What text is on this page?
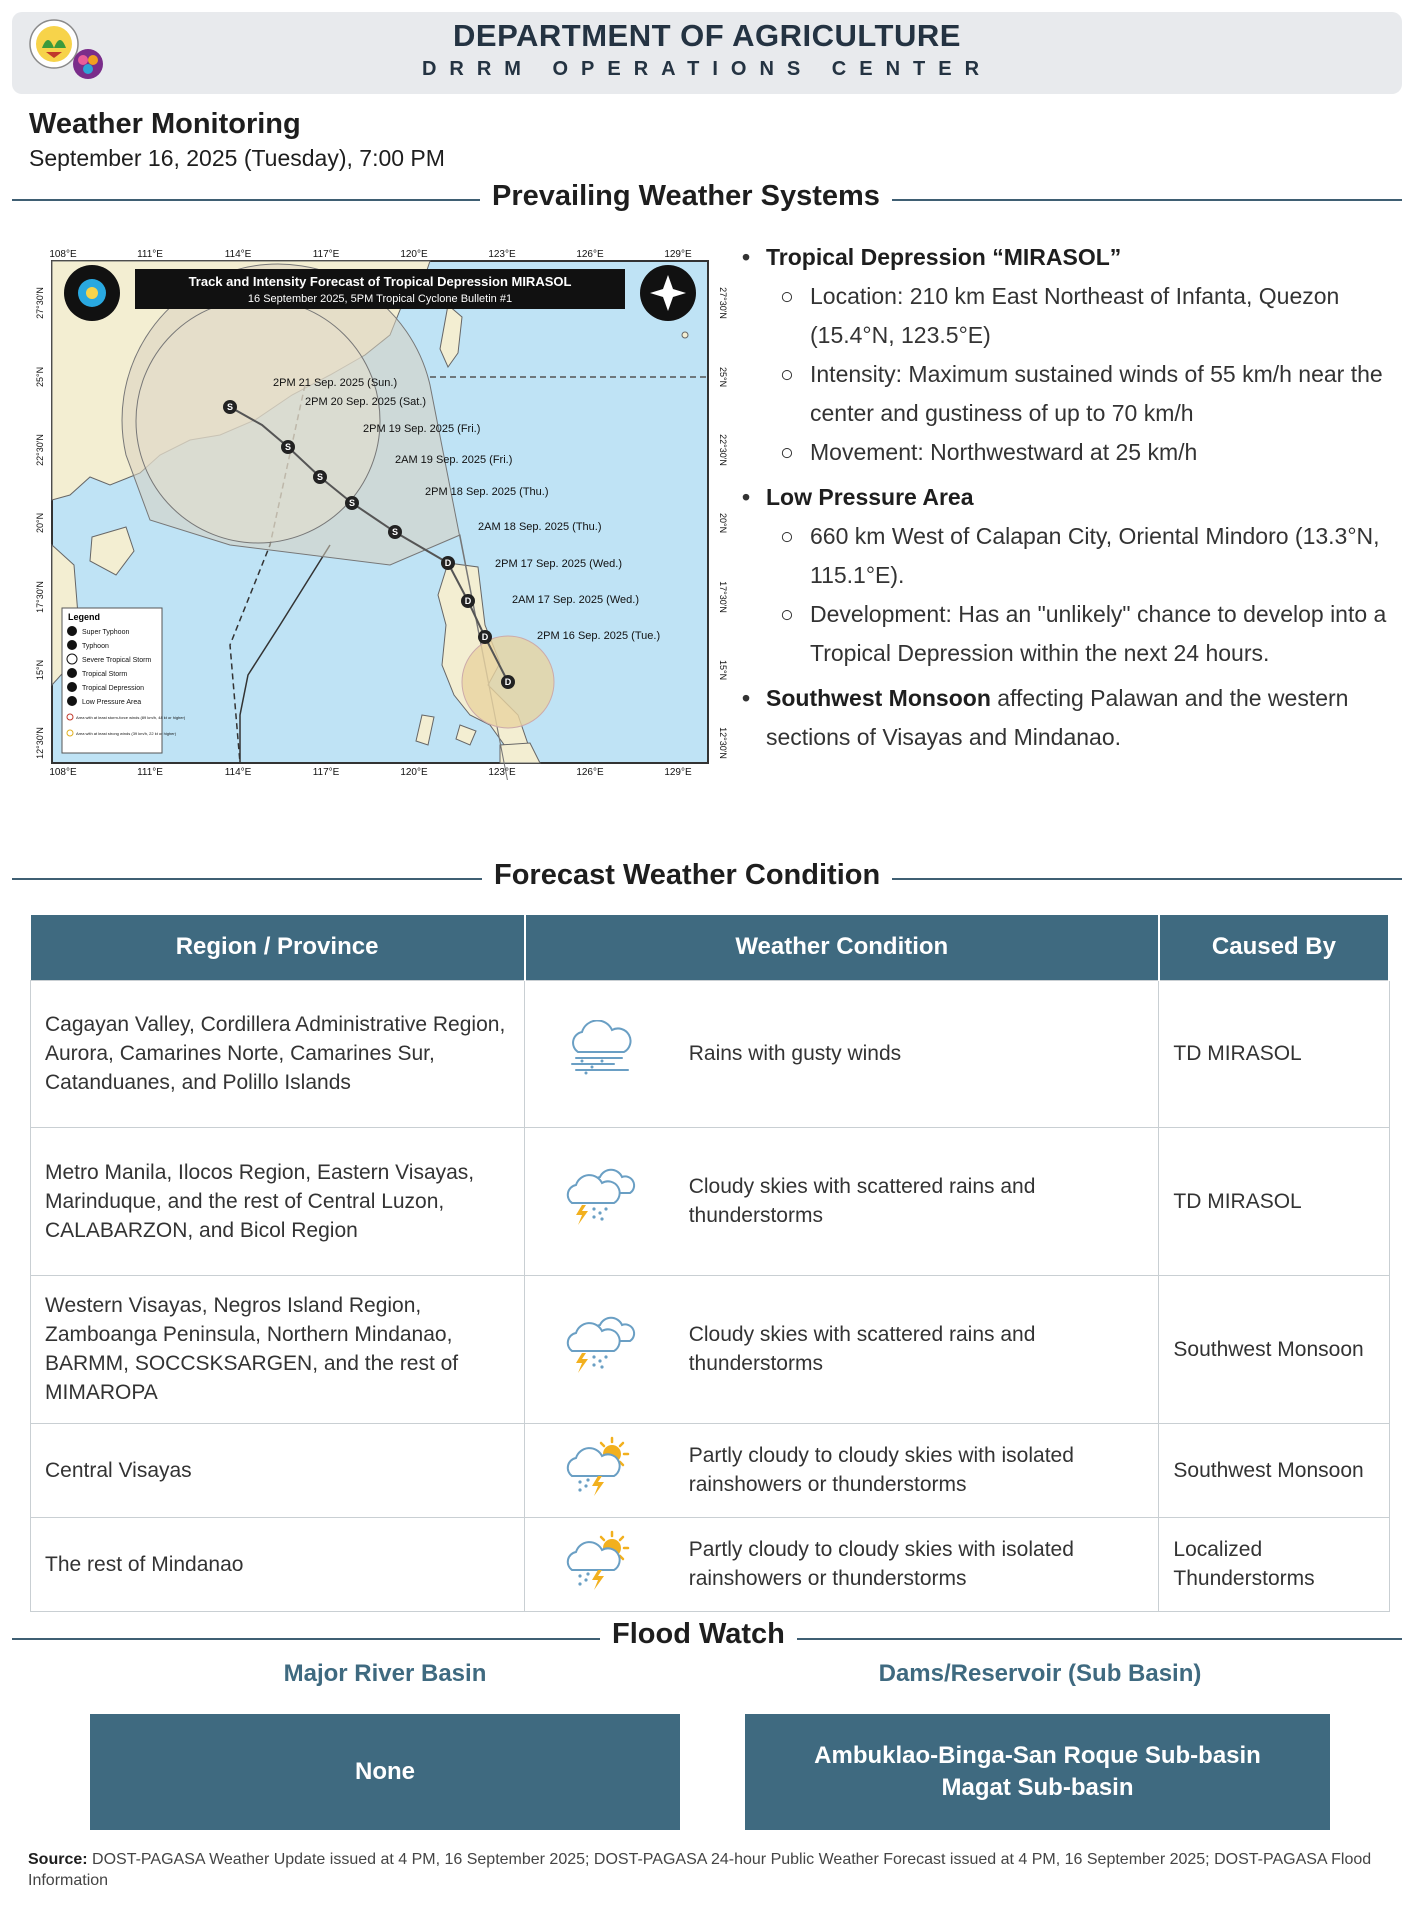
DEPARTMENT OF AGRICULTURE
DRRM OPERATIONS CENTER
Weather Monitoring
September 16, 2025 (Tuesday), 7:00 PM
Prevailing Weather Systems
D
D
D
D
S
S
S
S
S
2PM 21 Sep. 2025 (Sun.)
2PM 20 Sep. 2025 (Sat.)
2PM 19 Sep. 2025 (Fri.)
2AM 19 Sep. 2025 (Fri.)
2PM 18 Sep. 2025 (Thu.)
2AM 18 Sep. 2025 (Thu.)
2PM 17 Sep. 2025 (Wed.)
2AM 17 Sep. 2025 (Wed.)
2PM 16 Sep. 2025 (Tue.)
Track and Intensity Forecast of Tropical Depression MIRASOL
16 September 2025, 5PM Tropical Cyclone Bulletin #1
108°E	111°E	114°E	117°E	120°E	123°E	126°E	129°E
108°E	111°E	114°E	117°E	120°E	123°E	126°E	129°E
27°30'N
25°N
22°30'N
20°N
17°30'N
15°N
12°30'N
27°30'N
25°N
22°30'N
20°N
17°30'N
15°N
12°30'N
Legend
Super Typhoon
Typhoon
Severe Tropical Storm
Tropical Storm
Tropical Depression
Low Pressure Area
Area with at least storm-force winds (89 km/h, 48 kt or higher)
Area with at least strong winds (39 km/h, 22 kt or higher)
• Tropical Depression “MIRASOL”
○ Location: 210 km East Northeast of Infanta, Quezon (15.4°N, 123.5°E)
○ Intensity: Maximum sustained winds of 55 km/h near the center and gustiness of up to 70 km/h
○ Movement: Northwestward at 25 km/h
• Low Pressure Area
○ 660 km West of Calapan City, Oriental Mindoro (13.3°N, 115.1°E).
○ Development: Has an "unlikely" chance to develop into a Tropical Depression within the next 24 hours.
• Southwest Monsoon affecting Palawan and the western sections of Visayas and Mindanao.
Forecast Weather Condition
Region / Province	Weather Condition		Caused By
Cagayan Valley, Cordillera Administrative Region, Aurora, Camarines Norte, Camarines Sur, Catanduanes, and Polillo Islands		Rains with gusty winds	TD MIRASOL
Metro Manila, Ilocos Region, Eastern Visayas, Marinduque, and the rest of Central Luzon, CALABARZON, and Bicol Region		Cloudy skies with scattered rains and thunderstorms	TD MIRASOL
Western Visayas, Negros Island Region, Zamboanga Peninsula, Northern Mindanao, BARMM, SOCCSKSARGEN, and the rest of MIMAROPA		Cloudy skies with scattered rains and thunderstorms	Southwest Monsoon
Central Visayas		Partly cloudy to cloudy skies with isolated rainshowers or thunderstorms	Southwest Monsoon
The rest of Mindanao		Partly cloudy to cloudy skies with isolated rainshowers or thunderstorms	Localized Thunderstorms
Flood Watch
Major River Basin	Dams/Reservoir (Sub Basin)
None
Ambuklao-Binga-San Roque Sub-basin
Magat Sub-basin
Source: DOST-PAGASA Weather Update issued at 4 PM, 16 September 2025; DOST-PAGASA 24-hour Public Weather Forecast issued at 4 PM, 16 September 2025; DOST-PAGASA Flood Information
